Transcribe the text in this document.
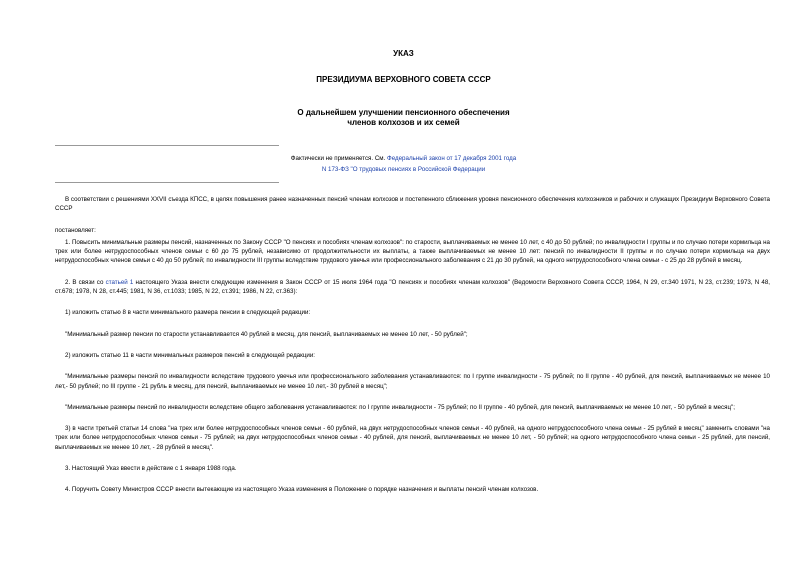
УКАЗ
ПРЕЗИДИУМА ВЕРХОВНОГО СОВЕТА СССР
О дальнейшем улучшении пенсионного обеспечения
членов колхозов и их семей
Фактически не применяется. См. Федеральный закон от 17 декабря 2001 года
N 173-ФЗ "О трудовых пенсиях в Российской Федерации

В соответствии с решениями XXVII съезда КПСС, в целях повышения ранее назначенных пенсий членам колхозов и постепенного сближения уровня пенсионного обеспечения колхозников и рабочих и служащих Президиум Верховного Совета СССР

постановляет:

1. Повысить минимальные размеры пенсий, назначенных по Закону СССР "О пенсиях и пособиях членам колхозов": по старости, выплачиваемых не менее 10 лет, с 40 до 50 рублей; по инвалидности I группы и по случаю потери кормильца на трех или более нетрудоспособных членов семьи с 60 до 75 рублей, независимо от продолжительности их выплаты, а также выплачиваемых не менее 10 лет: пенсий по инвалидности II группы и по случаю потери кормильца на двух нетрудоспособных членов семьи с 40 до 50 рублей; по инвалидности III группы вследствие трудового увечья или профессионального заболевания с 21 до 30 рублей, на одного нетрудоспособного члена семьи - с 25 до 28 рублей в месяц.

2. В связи со статьей 1 настоящего Указа внести следующие изменения в Закон СССР от 15 июля 1964 года "О пенсиях и пособиях членам колхозов" (Ведомости Верховного Совета СССР, 1964, N 29, ст.340 1971, N 23, ст.239; 1973, N 48, ст.678; 1978, N 28, ст.445; 1981, N 36, ст.1033; 1985, N 22, ст.391; 1986, N 22, ст.363):

1) изложить статью 8 в части минимального размера пенсии в следующей редакции:

"Минимальный размер пенсии по старости устанавливается 40 рублей в месяц, для пенсий, выплачиваемых не менее 10 лет, - 50 рублей";

2) изложить статью 11 в части минимальных размеров пенсий в следующей редакции:

"Минимальные размеры пенсий по инвалидности вследствие трудового увечья или профессионального заболевания устанавливаются: по I группе инвалидности - 75 рублей; по II группе - 40 рублей, для пенсий, выплачиваемых не менее 10 лет,- 50 рублей; по III группе - 21 рубль в месяц, для пенсий, выплачиваемых не менее 10 лет,- 30 рублей в месяц";

"Минимальные размеры пенсий по инвалидности вследствие общего заболевания устанавливаются: по I группе инвалидности - 75 рублей; по II группе - 40 рублей, для пенсий, выплачиваемых не менее 10 лет, - 50 рублей в месяц";

3) в части третьей статьи 14 слова "на трех или более нетрудоспособных членов семьи - 60 рублей, на двух нетрудоспособных членов семьи - 40 рублей, на одного нетрудоспособного члена семьи - 25 рублей в месяц" заменить словами "на трех или более нетрудоспособных членов семьи - 75 рублей; на двух нетрудоспособных членов семьи - 40 рублей, для пенсий, выплачиваемых не менее 10 лет, - 50 рублей; на одного нетрудоспособного члена семьи - 25 рублей, для пенсий, выплачиваемых не менее 10 лет, - 28 рублей в месяц".

3. Настоящий Указ ввести в действие с 1 января 1988 года.

4. Поручить Совету Министров СССР внести вытекающие из настоящего Указа изменения в Положение о порядке назначения и выплаты пенсий членам колхозов.
